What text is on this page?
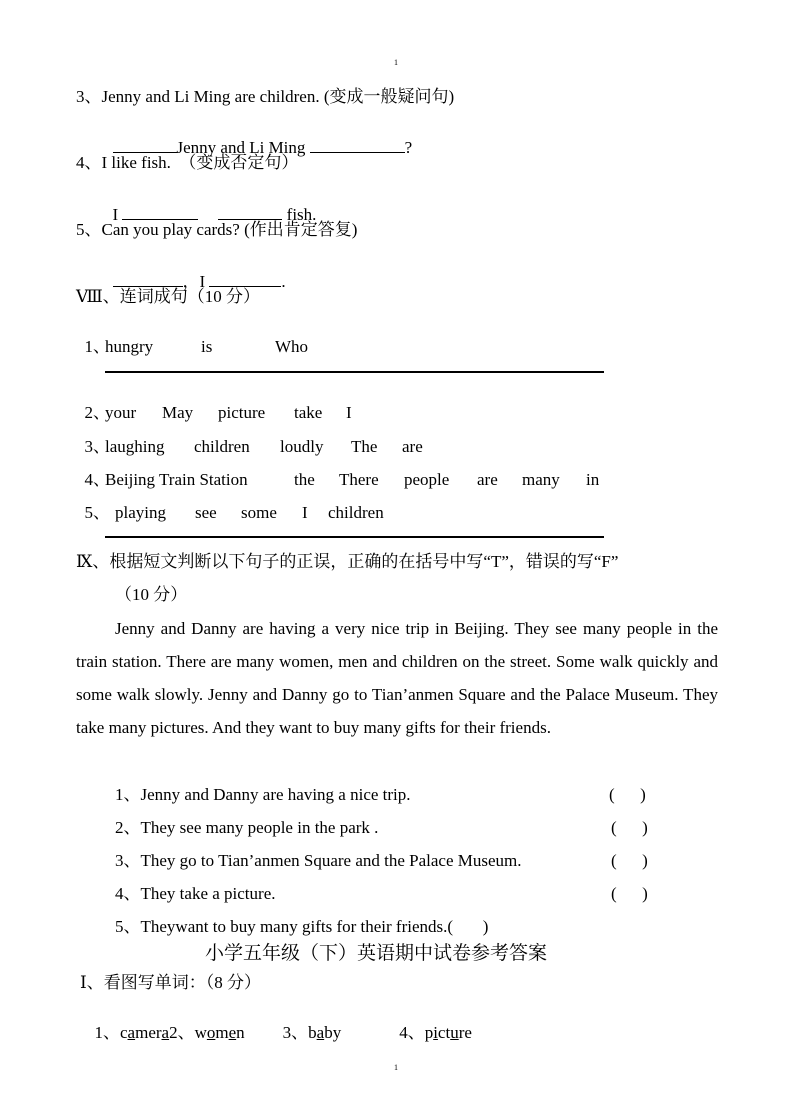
1
3、Jenny and Li Ming are children. (变成一般疑问句)

Jenny and Li Ming	?

4、I like fish.  （变成否定句）

I	fish.

5、Can you play cards? (作出肯定答复)

，I	.

Ⅷ、连词成句（10 分）

1、
hungry	is	Who

2、
your May picture take I

3、
laughing children loudly The are

4、
Beijing Train Station	the There people are many in

5、 playing see some I children

Ⅸ、根据短文判断以下句子的正误，正确的在括号中写“T”，错误的写“F”
（10 分）
Jenny and Danny are having a very nice trip in Beijing. They see many people in the train station. There are many women, men and children on the street. Some walk quickly and some walk slowly. Jenny and Danny go to Tian’anmen Square and the Palace Museum. They take many pictures. And they want to buy many gifts for their friends.
1、Jenny and Danny are having a nice trip.	(      )
2、They see many people in the park .	(      )
3、They go to Tian’anmen Square and the Palace Museum.	(      )
4、They take a picture.	(      )
5、Theywant to buy many gifts for their friends.(       )
小学五年级（下）英语期中试卷参考答案
Ⅰ、看图写单词：（8 分）

1、camera2、women 3、baby	4、picture

1
